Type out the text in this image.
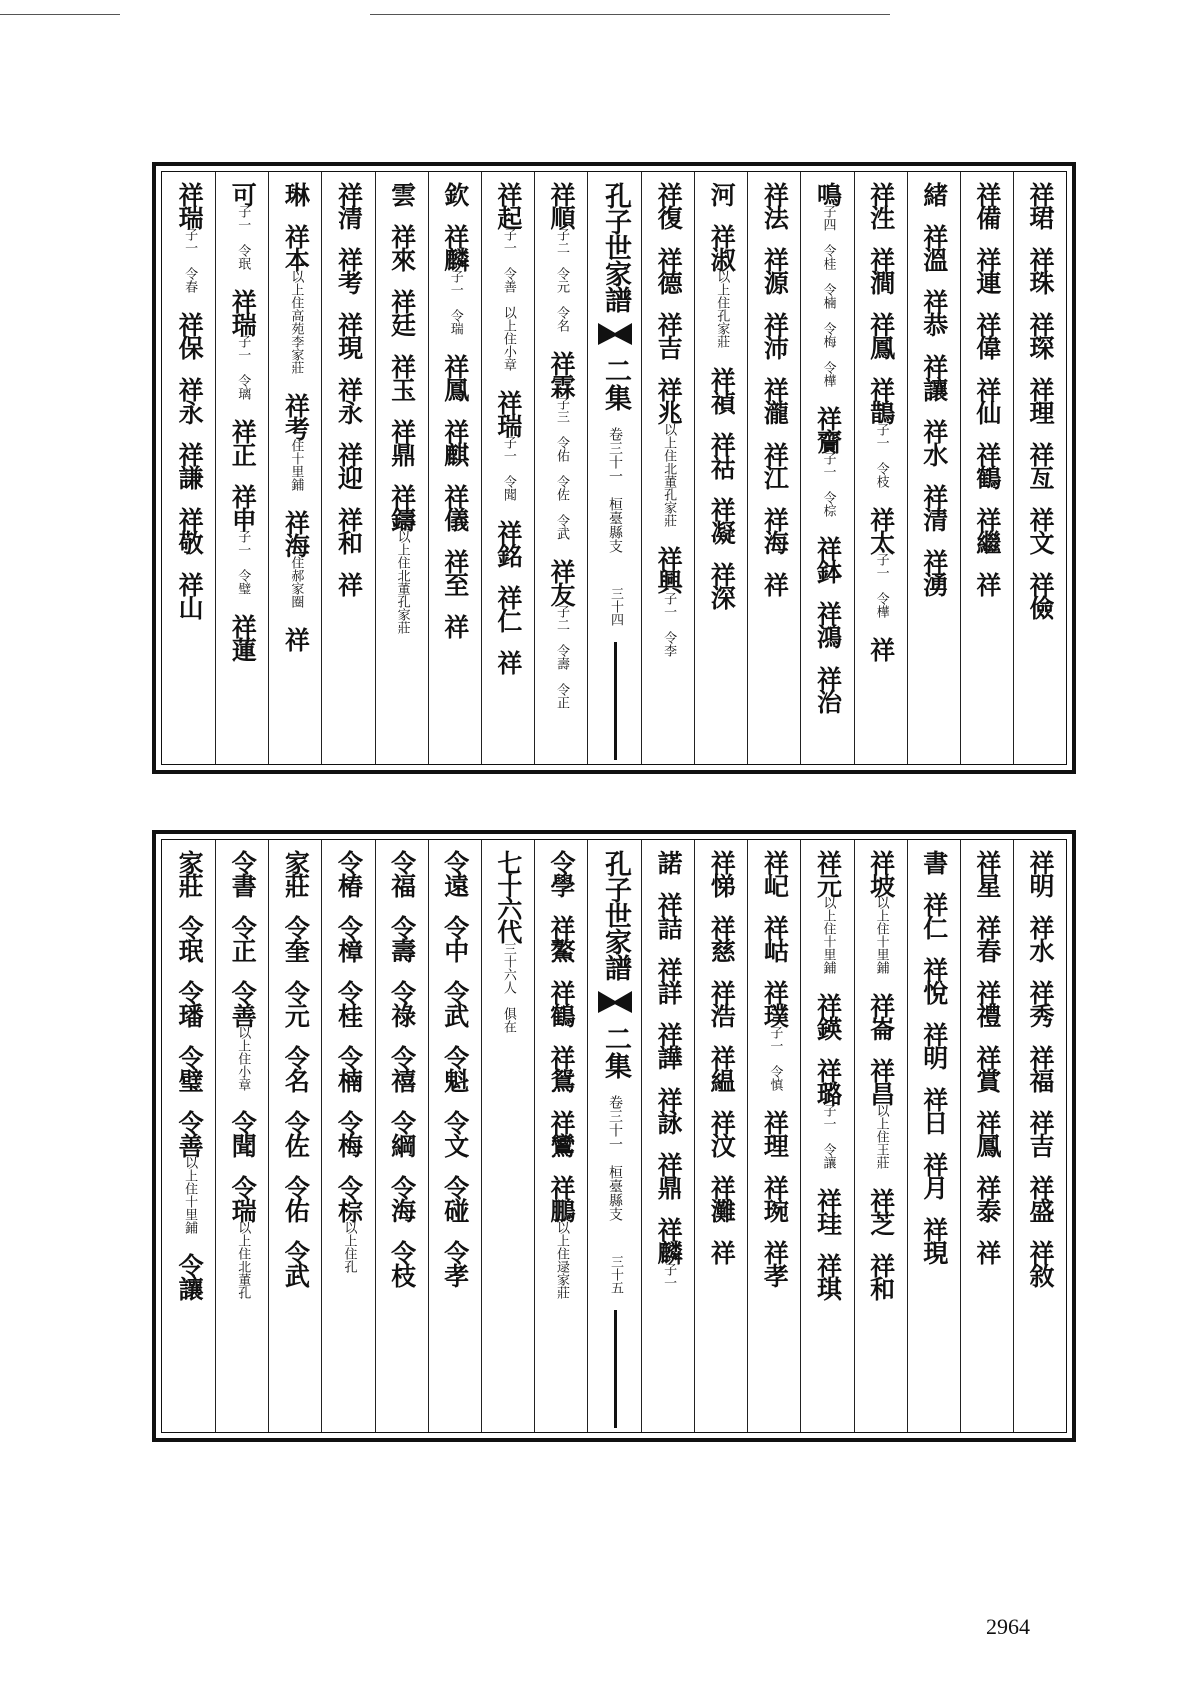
祥珺 祥珠 祥琛 祥理 祥亙 祥文 祥儉
祥備 祥連 祥偉 祥仙 祥鶴 祥繼 祥
緒 祥溫 祥恭 祥讓 祥水 祥清 祥湧
祥泩 祥澗 祥鳳 祥鵲子一　令枝 祥太子一　令樺 祥
鳴子四　令桂　令楠　令梅　令樺 祥齎子一　令棕 祥鉢 祥鴻 祥治
祥法 祥源 祥沛 祥瀧 祥江 祥海 祥
河 祥淑以上住孔家莊 祥禎 祥祜 祥凝 祥深
祥復 祥德 祥吉 祥兆以上住北董孔家莊 祥興子一　令李
孔子世家譜
二集
卷三十一　桓臺縣支
三十四
祥順子二　令元　令名 祥霖子三　令佑　令佐　令武 祥友子二　令壽　令正
祥起子一　令善　以上住小章 祥瑞子一　令聞 祥銘 祥仁 祥
欽 祥麟子一　令瑞 祥鳳 祥麒 祥儀 祥至 祥
雲 祥來 祥廷 祥玉 祥鼎 祥鑄以上住北董孔家莊
祥清 祥考 祥現 祥永 祥迎 祥和 祥
琳 祥本以上住高苑李家莊 祥考住十里鋪 祥海住郝家圈 祥
可子一　令珉 祥瑞子一　令璃 祥正 祥申子一　令璧 祥蓮
祥瑞子一　令春 祥保 祥永 祥謙 祥敬 祥山
祥明 祥水 祥秀 祥福 祥吉 祥盛 祥敘
祥星 祥春 祥禮 祥賞 祥鳳 祥泰 祥
書 祥仁 祥悅 祥明 祥日 祥月 祥現
祥坡以上住十里鋪 祥崙 祥昌以上住王莊 祥芝 祥和
祥元以上住十里鋪 祥鍈 祥璐子一　令讓 祥珪 祥琪
祥屺 祥岵 祥璞子一　令慎 祥理 祥琬 祥孝
祥悌 祥慈 祥浩 祥緼 祥汶 祥灘 祥
諾 祥詰 祥詳 祥譁 祥詠 祥鼎 祥麟子一
孔子世家譜
二集
卷三十一　桓臺縣支
三十五
令學 祥鰲 祥鶴 祥鴛 祥鸞 祥鵬以上住逯家莊
七十六代三十六人　俱在
令遠 令中 令武 令魁 令文 令碰 令孝
令福 令壽 令祿 令禧 令綱 令海 令枝
令椿 令樟 令桂 令楠 令梅 令棕以上住孔
家莊 令奎 令元 令名 令佐 令佑 令武
令書 令正 令善以上住小章 令聞 令瑞以上住北董孔
家莊 令珉 令璠 令璧 令善以上住十里鋪 令讓
2964
